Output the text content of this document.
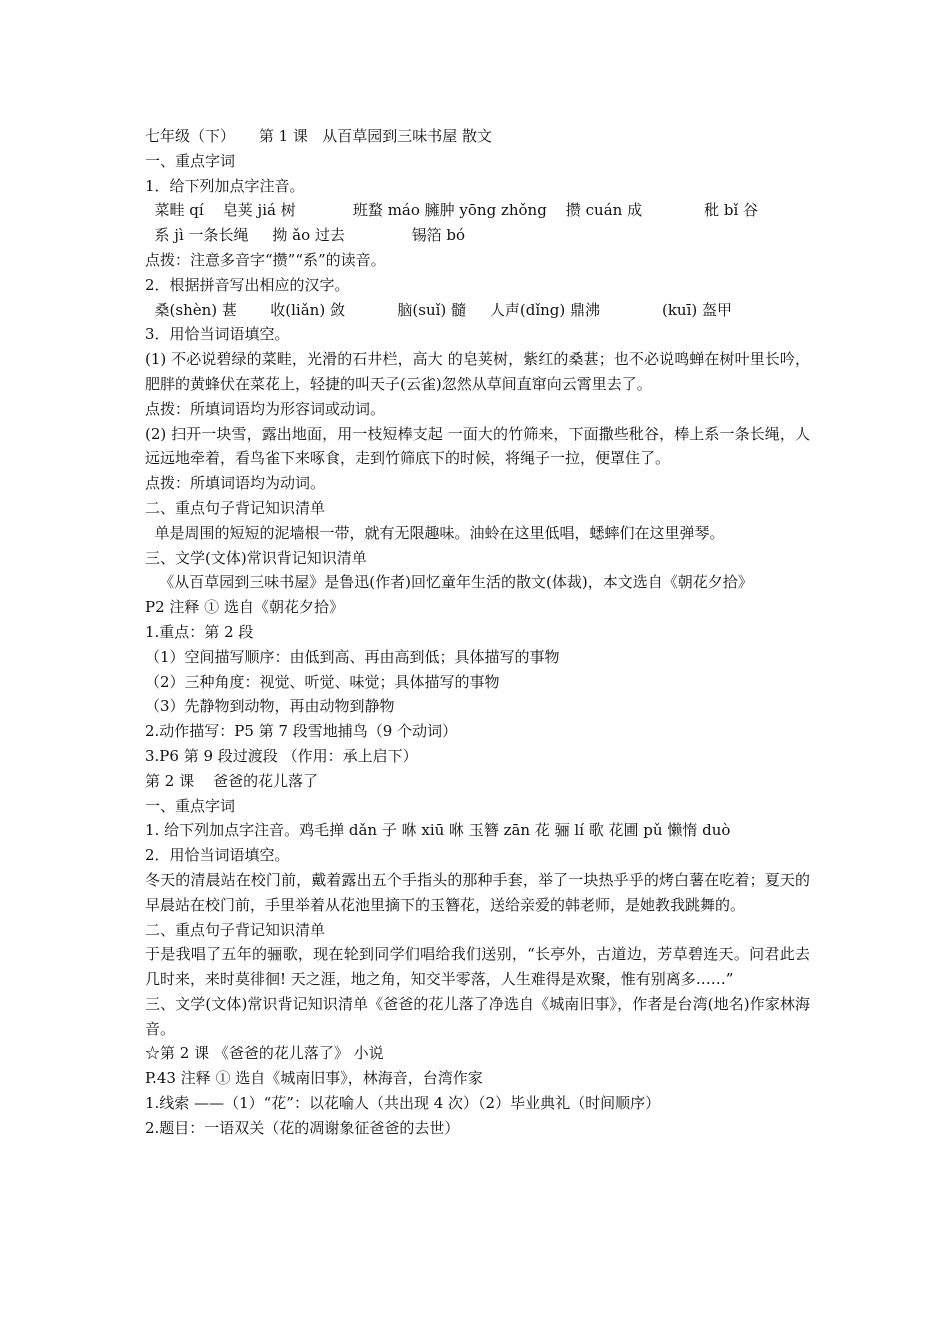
七年级（下）     第 1 课   从百草园到三味书屋 散文
一、重点字词
1．给下列加点字注音。
菜畦 qí    皂荚 jiá 树            班蝥 máo 臃肿 yōng zhǒng    攒 cuán 成             秕 bǐ 谷
系 jì 一条长绳     拗 ǎo 过去              锡箔 bó
点拨：注意多音字“攒”“系”的读音。
2．根据拼音写出相应的汉字。
桑(shèn) 葚       收(liǎn) 敛           脑(suǐ) 髓     人声(dǐng) 鼎沸             (kuī) 盔甲
3．用恰当词语填空。
(1) 不必说碧绿的菜畦，光滑的石井栏，高大 的皂荚树，紫红的桑葚；也不必说鸣蝉在树叶里长吟，肥胖的黄蜂伏在菜花上，轻捷的叫天子(云雀)忽然从草间直窜向云霄里去了。
点拨：所填词语均为形容词或动词。
(2) 扫开一块雪，露出地面，用一枝短棒支起 一面大的竹筛来，下面撒些秕谷，棒上系一条长绳，人远远地牵着，看鸟雀下来啄食，走到竹筛底下的时候，将绳子一拉，便罩住了。
点拨：所填词语均为动词。
二、重点句子背记知识清单
单是周围的短短的泥墙根一带，就有无限趣味。油蛉在这里低唱，蟋蟀们在这里弹琴。
三、文学(文体)常识背记知识清单
《从百草园到三味书屋》是鲁迅(作者)回忆童年生活的散文(体裁)，本文选自《朝花夕拾》
P2 注释 ① 选自《朝花夕拾》
1.重点：第 2 段
（1）空间描写顺序：由低到高、再由高到低；具体描写的事物
（2）三种角度：视觉、听觉、味觉；具体描写的事物
（3）先静物到动物，再由动物到静物
2.动作描写：P5 第 7 段雪地捕鸟（9 个动词）
3.P6 第 9 段过渡段 （作用：承上启下）
第 2 课    爸爸的花儿落了
一、重点字词
1. 给下列加点字注音。鸡毛掸 dǎn 子 咻 xiū 咻 玉簪 zān 花 骊 lí 歌 花圃 pǔ 懒惰 duò
2．用恰当词语填空。
冬天的清晨站在校门前，戴着露出五个手指头的那种手套，举了一块热乎乎的烤白薯在吃着；夏天的早晨站在校门前，手里举着从花池里摘下的玉簪花，送给亲爱的韩老师，是她教我跳舞的。
二、重点句子背记知识清单
于是我唱了五年的骊歌，现在轮到同学们唱给我们送别，“长亭外，古道边，芳草碧连天。问君此去几时来，来时莫徘徊! 天之涯，地之角，知交半零落，人生难得是欢聚，惟有别离多……”
三、文学(文体)常识背记知识清单《爸爸的花儿落了净选自《城南旧事》，作者是台湾(地名)作家林海音。
☆第 2 课 《爸爸的花儿落了》 小说
P.43 注释 ① 选自《城南旧事》，林海音，台湾作家
1.线索 ——（1）“花”：以花喻人（共出现 4 次）（2）毕业典礼（时间顺序）
2.题目：一语双关（花的凋谢象征爸爸的去世）
